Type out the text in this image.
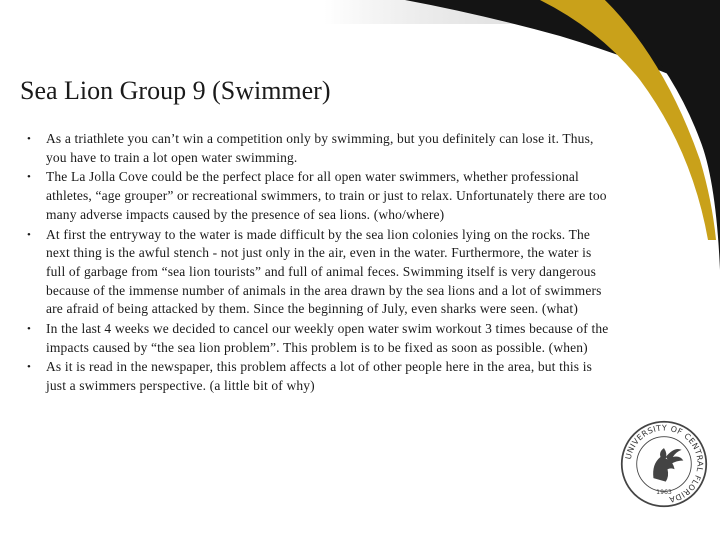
Sea Lion Group 9 (Swimmer)
• As a triathlete you can’t win a competition only by swimming, but you definitely can lose it. Thus, you have to train a lot open water swimming.
• The La Jolla Cove could be the perfect place for all open water swimmers, whether professional athletes, “age grouper” or recreational swimmers, to train or just to relax. Unfortunately there are too many adverse impacts caused by the presence of sea lions. (who/where)
• At first the entryway to the water is made difficult by the sea lion colonies lying on the rocks. The next thing is the awful stench - not just only in the air, even in the water. Furthermore, the water is full of garbage from “sea lion tourists” and full of animal feces. Swimming itself is very dangerous because of the immense number of animals in the area drawn by the sea lions and a lot of swimmers are afraid of being attacked by them. Since the beginning of July, even sharks were seen. (what)
• In the last 4 weeks we decided to cancel our weekly open water swim workout 3 times because of the impacts caused by “the sea lion problem”. This problem is to be fixed as soon as possible. (when)
• As it is read in the newspaper, this problem affects a lot of other people here in the area, but this is just a swimmers perspective. (a little bit of why)
UNIVERSITY OF CENTRAL FLORIDA
1963
